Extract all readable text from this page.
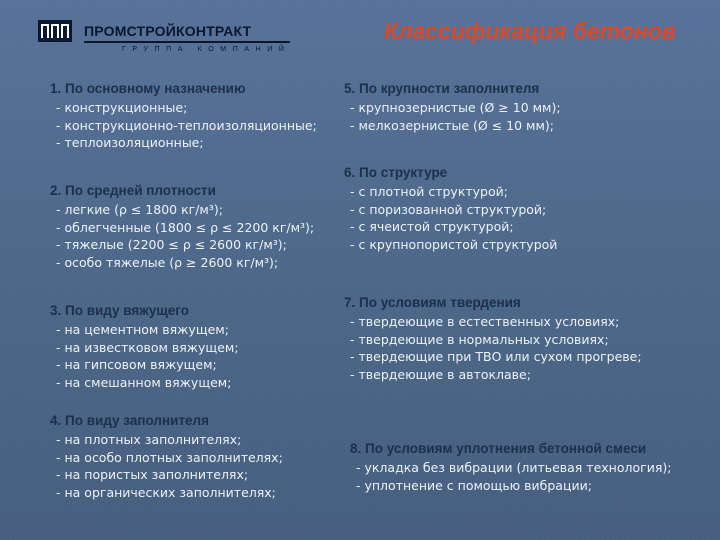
ПРОМСТРОЙКОНТРАКТ
ГРУППА КОМПАНИЙ
Классификация бетонов
1. По основному назначению
- конструкционные;
- конструкционно-теплоизоляционные;
- теплоизоляционные;
2. По средней плотности
- легкие (ρ ≤ 1800 кг/м³);
- облегченные (1800 ≤ ρ ≤ 2200 кг/м³);
- тяжелые (2200 ≤ ρ ≤ 2600 кг/м³);
- особо тяжелые (ρ ≥ 2600 кг/м³);
3. По виду вяжущего
- на цементном вяжущем;
- на известковом вяжущем;
- на гипсовом вяжущем;
- на смешанном вяжущем;
4. По виду заполнителя
- на плотных заполнителях;
- на особо плотных заполнителях;
- на пористых заполнителях;
- на органических заполнителях;
5. По крупности заполнителя
- крупнозернистые (Ø ≥ 10 мм);
- мелкозернистые (Ø ≤ 10 мм);
6. По структуре
- с плотной структурой;
- с поризованной структурой;
- с ячеистой структурой;
- с крупнопористой структурой
7. По условиям твердения
- твердеющие в естественных условиях;
- твердеющие в нормальных условиях;
- твердеющие при ТВО или сухом прогреве;
- твердеющие в автоклаве;
8. По условиям уплотнения бетонной смеси
- укладка без вибрации (литьевая технология);
- уплотнение с помощью вибрации;
